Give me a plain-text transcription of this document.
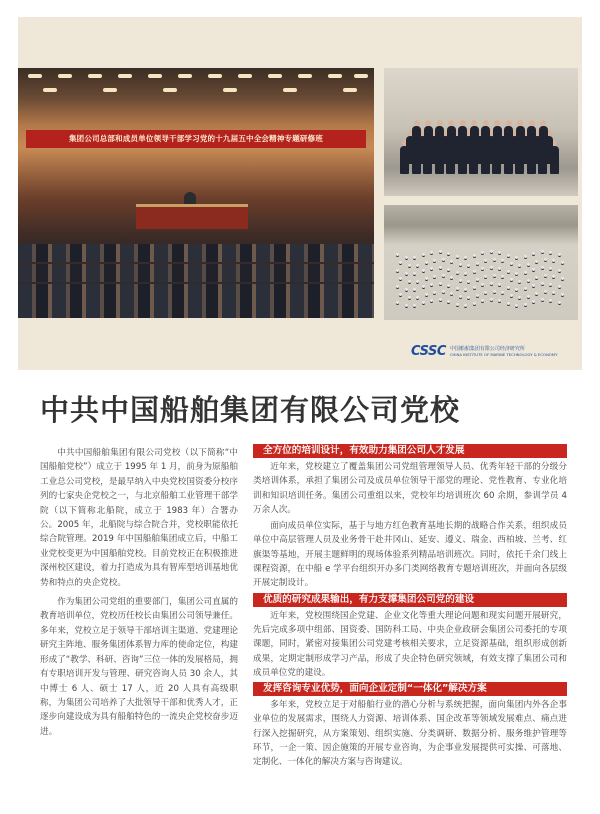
集团公司总部和成员单位领导干部学习党的十九届五中全会精神专题研修班
CSSC 中国船舶集团有限公司经济研究所
CHINA INSTITUTE OF MARINE TECHNOLOGY & ECONOMY
中共中国船舶集团有限公司党校

中共中国船舶集团有限公司党校（以下简称“中国船舶党校”）成立于 1995 年 1 月，前身为原船舶工业总公司党校，是最早纳入中央党校国资委分校序列的七家央企党校之一，与北京船舶工业管理干部学院（以下简称北船院，成立于 1983 年）合署办公。2005 年，北船院与综合院合并，党校职能依托综合院管理。2019 年中国船舶集团成立后，中船工业党校变更为中国船舶党校。目前党校正在积极推进深州校区建设，着力打造成为具有智库型培训基地优势和特点的央企党校。

作为集团公司党组的重要部门，集团公司直属的教育培训单位，党校历任校长由集团公司领导兼任。多年来，党校立足于领导干部培训主渠道、党建理论研究主阵地、服务集团体系智力库的使命定位，构建形成了“教学、科研、咨询”三位一体的发展格局，拥有专职培训开发与管理、研究咨询人员 30 余人，其中博士 6 人、硕士 17 人，近 20 人具有高级职称，为集团公司培养了大批领导干部和优秀人才，正逐步向建设成为具有船舶特色的一流央企党校奋步迈进。

全方位的培训设计，有效助力集团公司人才发展

近年来，党校建立了覆盖集团公司党组管理领导人员、优秀年轻干部的分级分类培训体系，承担了集团公司及成员单位领导干部党的理论、党性教育、专业化培训和知识培训任务。集团公司重组以来，党校年均培训班次 60 余期，参训学员 4 万余人次。

面向成员单位实际，基于与地方红色教育基地长期的战略合作关系，组织成员单位中高层管理人员及业务骨干赴井冈山、延安、遵义、瑞金、西柏坡、兰考、红旗渠等基地，开展主题鲜明的现场体验系列精品培训班次。同时，依托千余门线上课程资源，在中船 e 学平台组织开办多门类网络教育专题培训班次，并面向各层级开展定制设计。

优质的研究成果输出，有力支撑集团公司党的建设

近年来，党校围绕国企党建、企业文化等重大理论问题和现实问题开展研究，先后完成多项中组部、国资委、国防科工局、中央企业政研会集团公司委托的专项课题，同时，紧密对接集团公司党建考核相关要求，立足资源基础，组织形成创新成果，定期定制形成学习产品，形成了央企特色研究领域，有效支撑了集团公司和成员单位党的建设。

发挥咨询专业优势，面向企业定制“一体化”解决方案

多年来，党校立足于对船舶行业的潜心分析与系统把握，面向集团内外各企事业单位的发展需求，围绕人力资源、培训体系、国企改革等领域发展难点、痛点进行深入挖掘研究，从方案策划、组织实施、分类调研、数据分析、服务维护管理等环节，一企一策、因企施策的开展专业咨询，为企事业发展提供可实操、可落地、定制化、一体化的解决方案与咨询建议。
